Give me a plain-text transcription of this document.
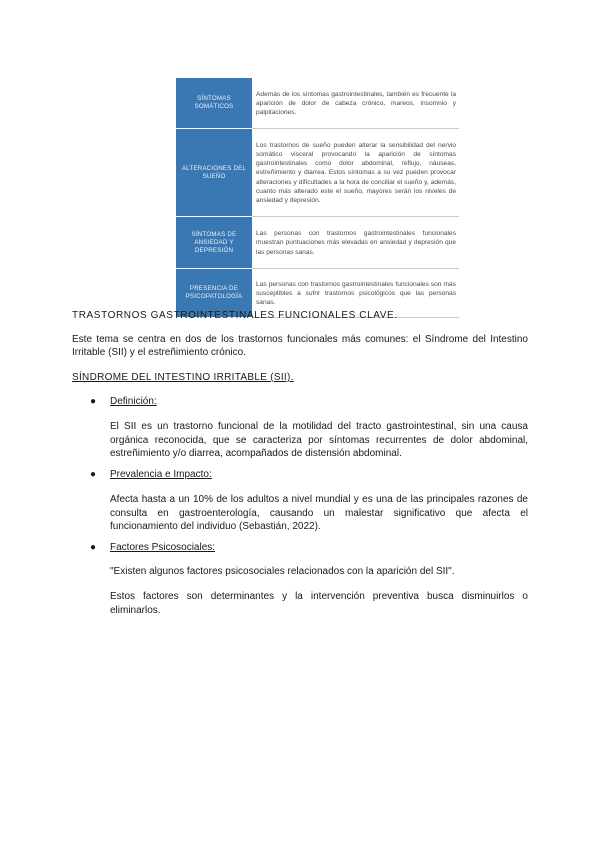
SÍNTOMAS SOMÁTICOS	Además de los síntomas gastrointestinales, también es frecuente la aparición de dolor de cabeza crónico, mareos, insomnio y palpitaciones.
ALTERACIONES DEL SUEÑO	Los trastornos de sueño pueden alterar la sensibilidad del nervio somático visceral provocando la aparición de síntomas gastrointestinales como dolor abdominal, reflujo, náuseas, estreñimiento y diarrea. Estos síntomas a su vez pueden provocar alteraciones y dificultades a la hora de conciliar el sueño y, además, cuanto más alterado este el sueño, mayores serán los niveles de ansiedad y depresión.
SÍNTOMAS DE ANSIEDAD Y DEPRESIÓN	Las personas con trastornos gastrointestinales funcionales muestran puntuaciones más elevadas en ansiedad y depresión que las personas sanas.
PRESENCIA DE PSICOPATOLOGÍA	Las personas con trastornos gastrointestinales funcionales son más susceptibles a sufrir trastornos psicológicos que las personas sanas.
TRASTORNOS GASTROINTESTINALES FUNCIONALES CLAVE.
Este tema se centra en dos de los trastornos funcionales más comunes: el Síndrome del Intestino Irritable (SII) y el estreñimiento crónico.
SÍNDROME DEL INTESTINO IRRITABLE (SII).
● Definición:
El SII es un trastorno funcional de la motilidad del tracto gastrointestinal, sin una causa orgánica reconocida, que se caracteriza por síntomas recurrentes de dolor abdominal, estreñimiento y/o diarrea, acompañados de distensión abdominal.
● Prevalencia e Impacto:
Afecta hasta a un 10% de los adultos a nivel mundial y es una de las principales razones de consulta en gastroenterología, causando un malestar significativo que afecta el funcionamiento del individuo (Sebastián, 2022).
● Factores Psicosociales:
"Existen algunos factores psicosociales relacionados con la aparición del SII".
Estos factores son determinantes y la intervención preventiva busca disminuirlos o eliminarlos.
